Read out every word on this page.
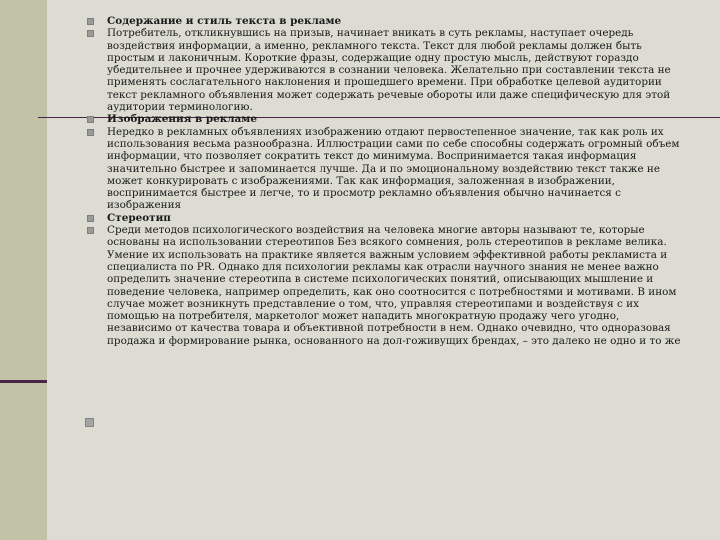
Содержание и стиль текста в рекламе
Потребитель, откликнувшись на призыв, начинает вникать в суть рекламы, наступает очередь воздействия информации, а именно, рекламного текста. Текст для любой рекламы должен быть простым и лаконичным. Короткие фразы, содержащие одну простую мысль, действуют гораздо убедительнее и прочнее удерживаются в сознании человека. Желательно при составлении текста не применять сослагательного наклонения и прошедшего времени. При обработке целевой аудитории текст рекламного объявления может содержать речевые обороты или даже специфическую для этой аудитории терминологию.
Изображения в рекламе
Нередко в рекламных объявлениях изображению отдают первостепенное значение, так как роль их использования весьма разнообразна. Иллюстрации сами по себе способны содержать огромный объем информации, что позволяет сократить текст до минимума. Воспринимается такая информация значительно быстрее и запоминается лучше. Да и по эмоциональному воздействию текст также не может конкурировать с изображениями. Так как информация, заложенная в изображении, воспринимается быстрее и легче, то и просмотр рекламно объявления обычно начинается с изображения
Стереотип
Среди методов психологического воздействия на человека многие авторы называют те, которые основаны на использовании стереотипов Без всякого сомнения, роль стереотипов в рекламе велика. Умение их использовать на практике является важным условием эффективной работы рекламиста и специалиста по PR. Однако для психологии рекламы как отрасли научного знания не менее важно определить значение стереотипа в системе психологических понятий, описывающих мышление и поведение человека, например определить, как оно соотносится с потребностями и мотивами. В ином случае может возникнуть представление о том, что, управляя стереотипами и воздействуя с их помощью на потребителя, маркетолог может нападить многократную продажу чего угодно, независимо от качества товара и объективной потребности в нем. Однако очевидно, что одноразовая продажа и формирование рынка, основанного на дол-гоживущих брендах, – это далеко не одно и то же
